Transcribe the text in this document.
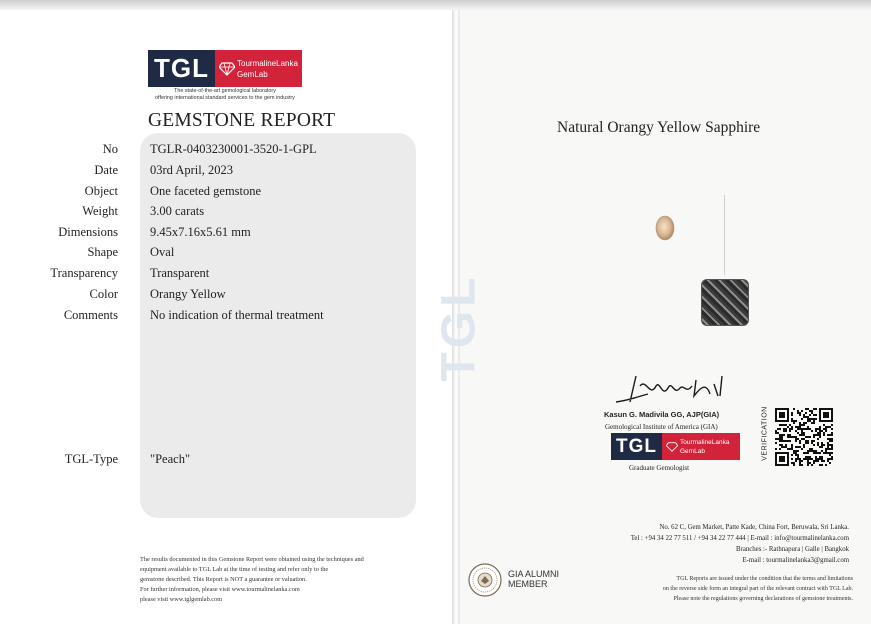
TGL
TGL	TourmalineLanka
GemLab
The state-of-the-art gemological laboratory
offering international standard services to the gem industry
GEMSTONE REPORT
No	TGLR-0403230001-3520-1-GPL
Date	03rd April, 2023
Object	One faceted gemstone
Weight	3.00 carats
Dimensions	9.45x7.16x5.61 mm
Shape	Oval
Transparency	Transparent
Color	Orangy Yellow
Comments	No indication of thermal treatment
TGL-Type	"Peach"
The results documented in this Gemstone Report were obtained using the techniques and
equipment available to TGL Lab at the time of testing and refer only to the
gemstone described. This Report is NOT a guarantee or valuation.
For further information, please visit www.tourmalinelanka.com
please visit www.tglgemlab.com
Natural Orangy Yellow Sapphire
Kasun G. Madivila GG, AJP(GIA)
Gemological Institute of America (GIA)
TGL	TourmalineLanka
GemLab
Graduate Gemologist
VERIFICATION
GIA ALUMNI
MEMBER
No. 62 C, Gem Market, Patte Kade, China Fort, Beruwala, Sri Lanka.
Tel : +94 34 22 77 511 / +94 34 22 77 444 | E-mail : info@tourmalinelanka.com
Branches :- Rathnapura | Galle | Bangkok
E-mail : tourmalinelanka3@gmail.com
TGL Reports are issued under the condition that the terms and limitations
on the reverse side form an integral part of the relevant contract with TGL Lab.
Please note the regulations governing declarations of gemstone treatments.
